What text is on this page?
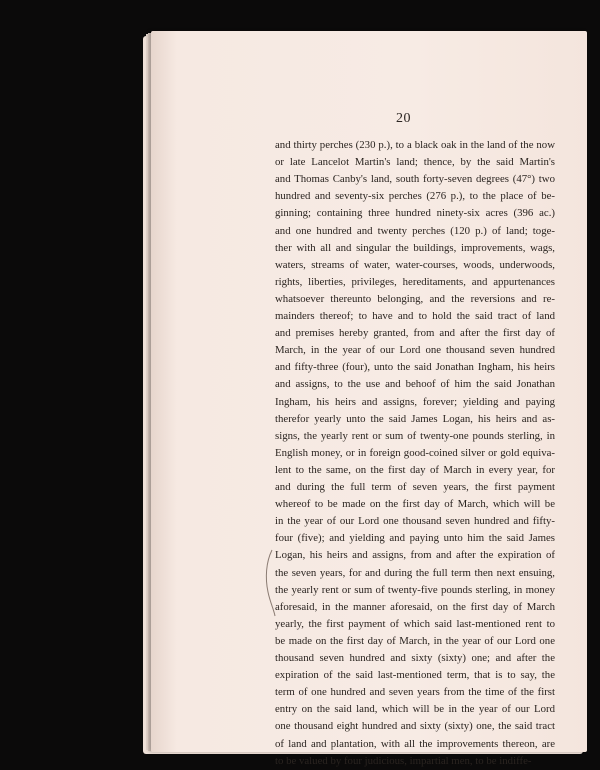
20
and thirty perches (230 p.), to a black oak in the land of the now
or late Lancelot Martin's land; thence, by the said Martin's
and Thomas Canby's land, south forty-seven degrees (47°) two
hundred and seventy-six perches (276 p.), to the place of be-
ginning; containing three hundred ninety-six acres (396 ac.)
and one hundred and twenty perches (120 p.) of land; toge-
ther with all and singular the buildings, improvements, wags,
waters, streams of water, water-courses, woods, underwoods,
rights, liberties, privileges, hereditaments, and appurtenances
whatsoever thereunto belonging, and the reversions and re-
mainders thereof; to have and to hold the said tract of land
and premises hereby granted, from and after the first day of
March, in the year of our Lord one thousand seven hundred
and fifty-three (four), unto the said Jonathan Ingham, his heirs
and assigns, to the use and behoof of him the said Jonathan
Ingham, his heirs and assigns, forever; yielding and paying
therefor yearly unto the said James Logan, his heirs and as-
signs, the yearly rent or sum of twenty-one pounds sterling, in
English money, or in foreign good-coined silver or gold equiva-
lent to the same, on the first day of March in every year, for
and during the full term of seven years, the first payment
whereof to be made on the first day of March, which will be
in the year of our Lord one thousand seven hundred and fifty-
four (five); and yielding and paying unto him the said James
Logan, his heirs and assigns, from and after the expiration of
the seven years, for and during the full term then next ensuing,
the yearly rent or sum of twenty-five pounds sterling, in money
aforesaid, in the manner aforesaid, on the first day of March
yearly, the first payment of which said last-mentioned rent to
be made on the first day of March, in the year of our Lord one
thousand seven hundred and sixty (sixty) one; and after the
expiration of the said last-mentioned term, that is to say, the
term of one hundred and seven years from the time of the first
entry on the said land, which will be in the year of our Lord
one thousand eight hundred and sixty (sixty) one, the said tract
of land and plantation, with all the improvements thereon, are
to be valued by four judicious, impartial men, to be indiffe-
